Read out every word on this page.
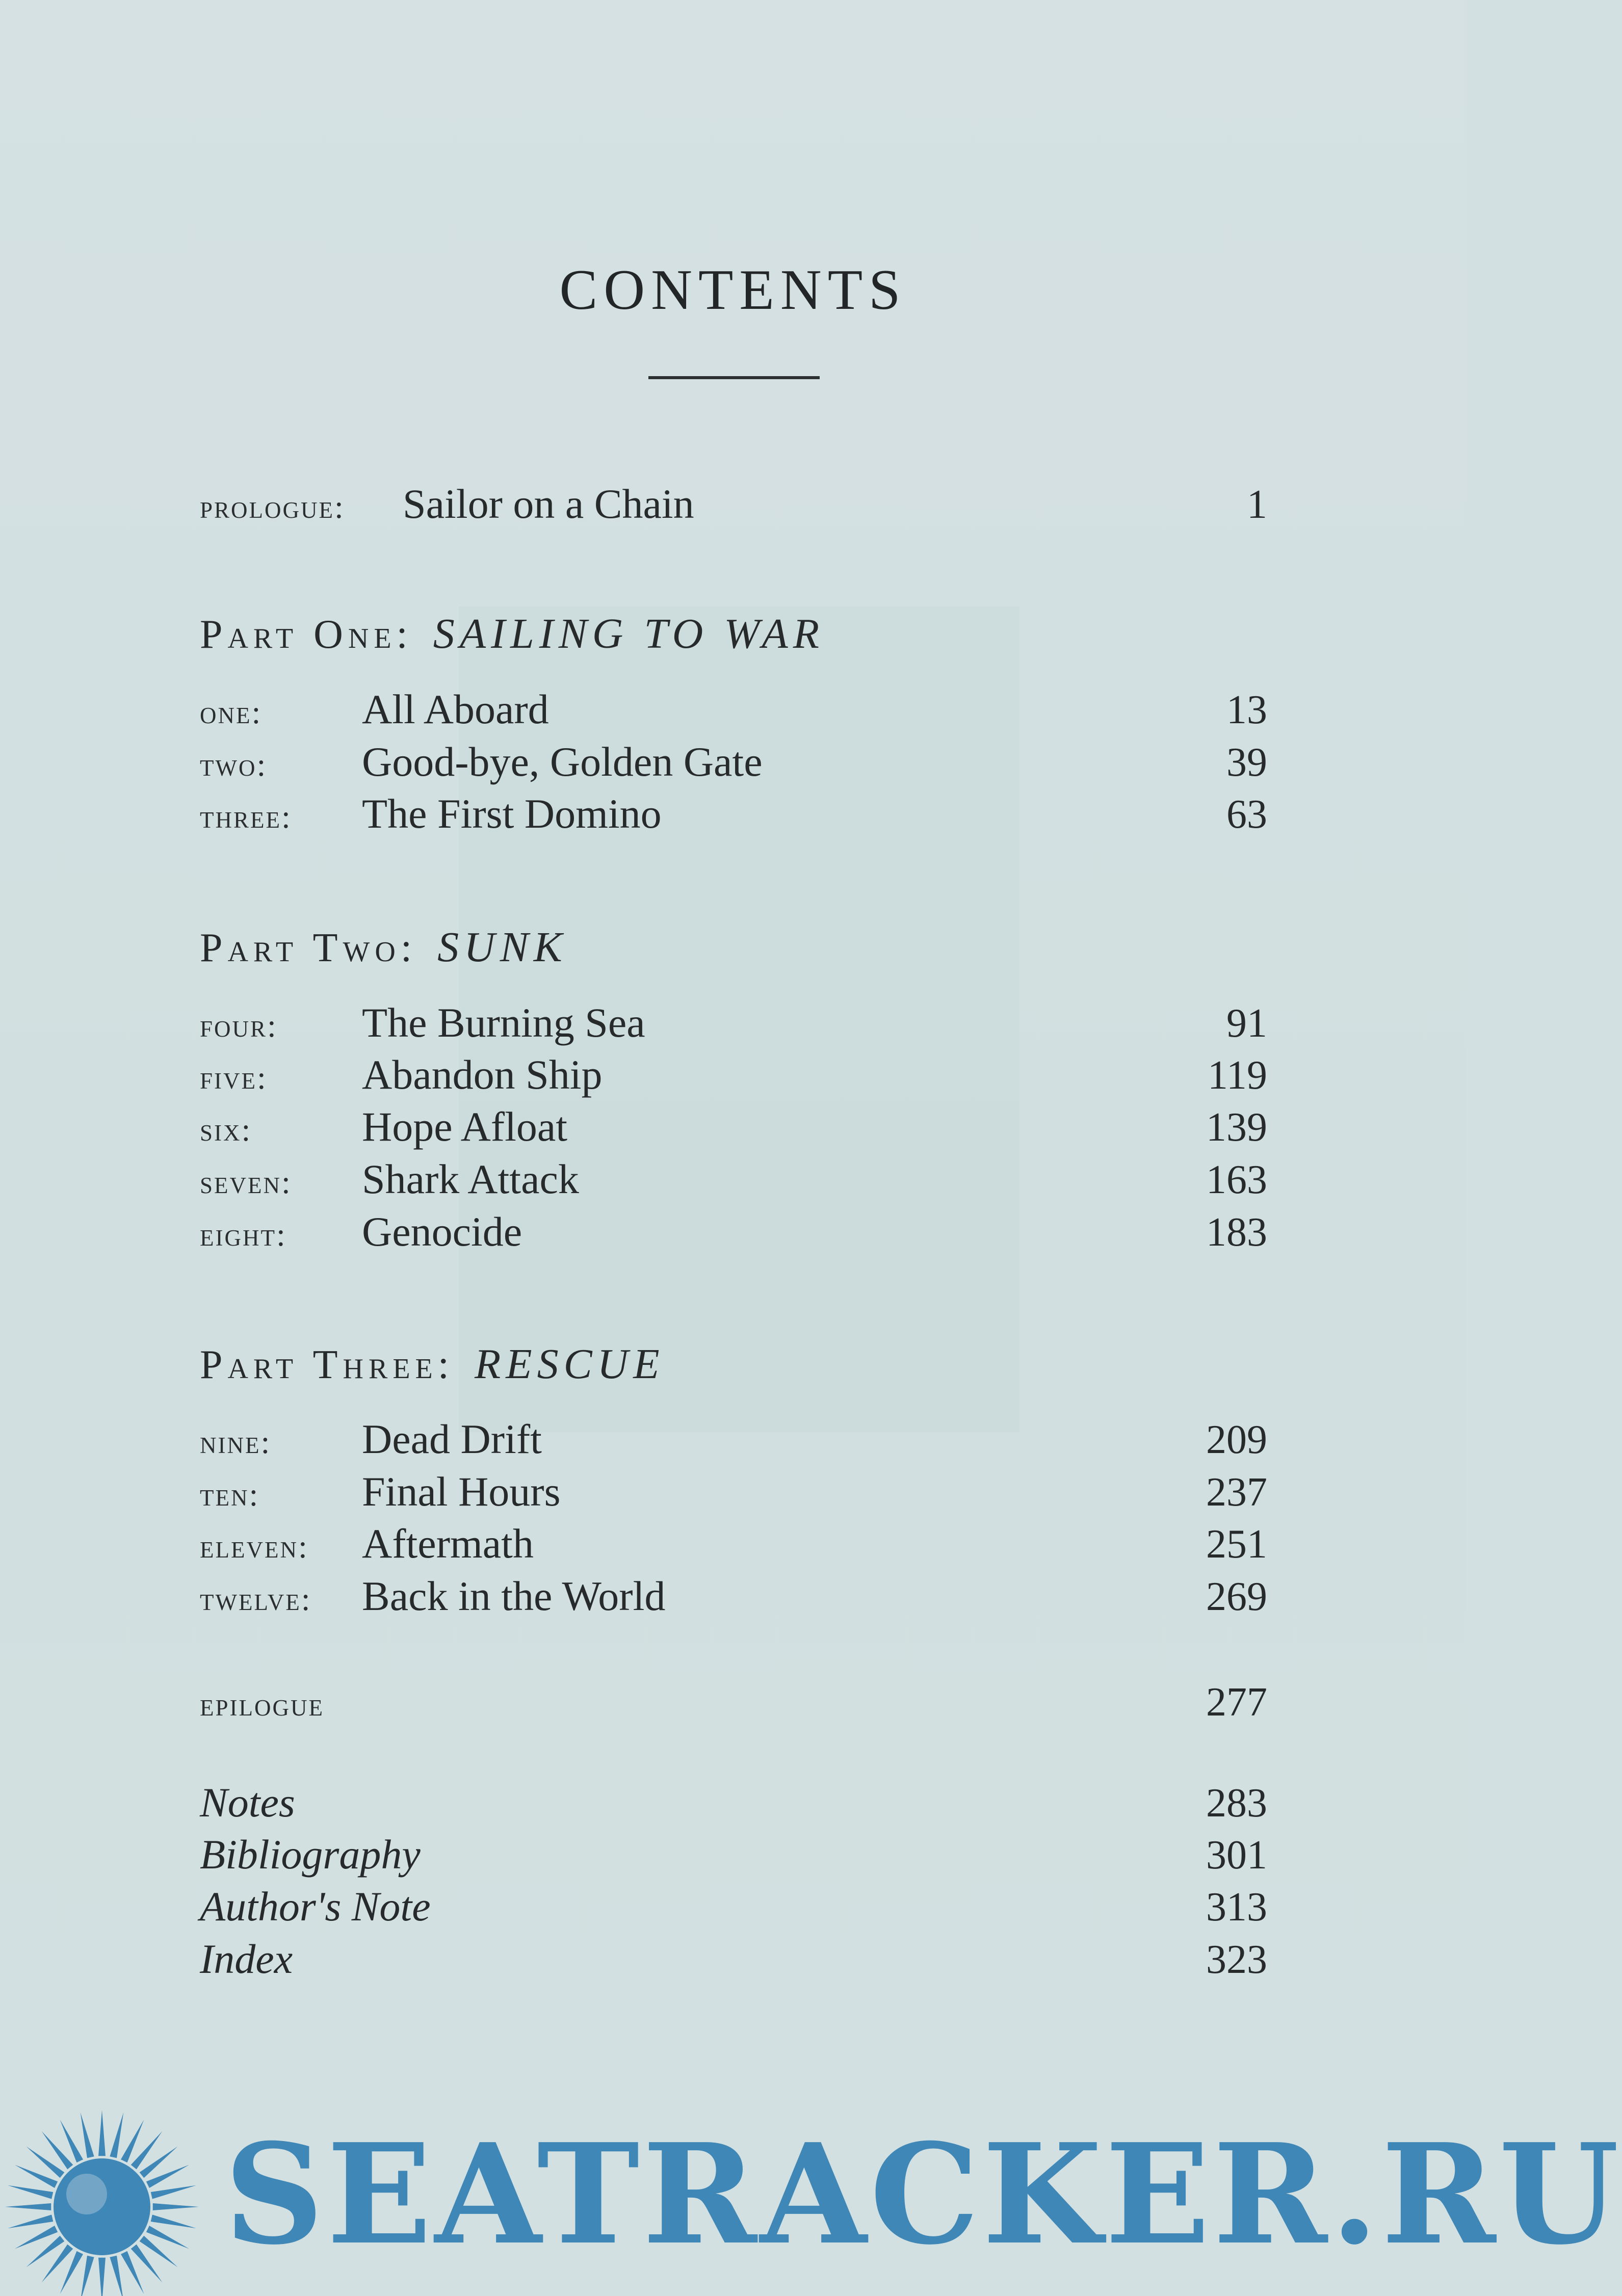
CONTENTS
prologue: Sailor on a Chain	1
Part One: SAILING TO WAR
one: All Aboard	13
two: Good-bye, Golden Gate	39
three: The First Domino	63
Part Two: SUNK
four: The Burning Sea	91
five: Abandon Ship	119
six:	Hope Afloat	139
seven: Shark Attack	163
eight: Genocide	183
Part Three: RESCUE
nine: Dead Drift	209
ten: Final Hours	237
eleven: Aftermath	251
twelve: Back in the World	269
epilogue	277
Notes	283
Bibliography	301
Author's Note	313
Index	323
SEATRACKER.RU
